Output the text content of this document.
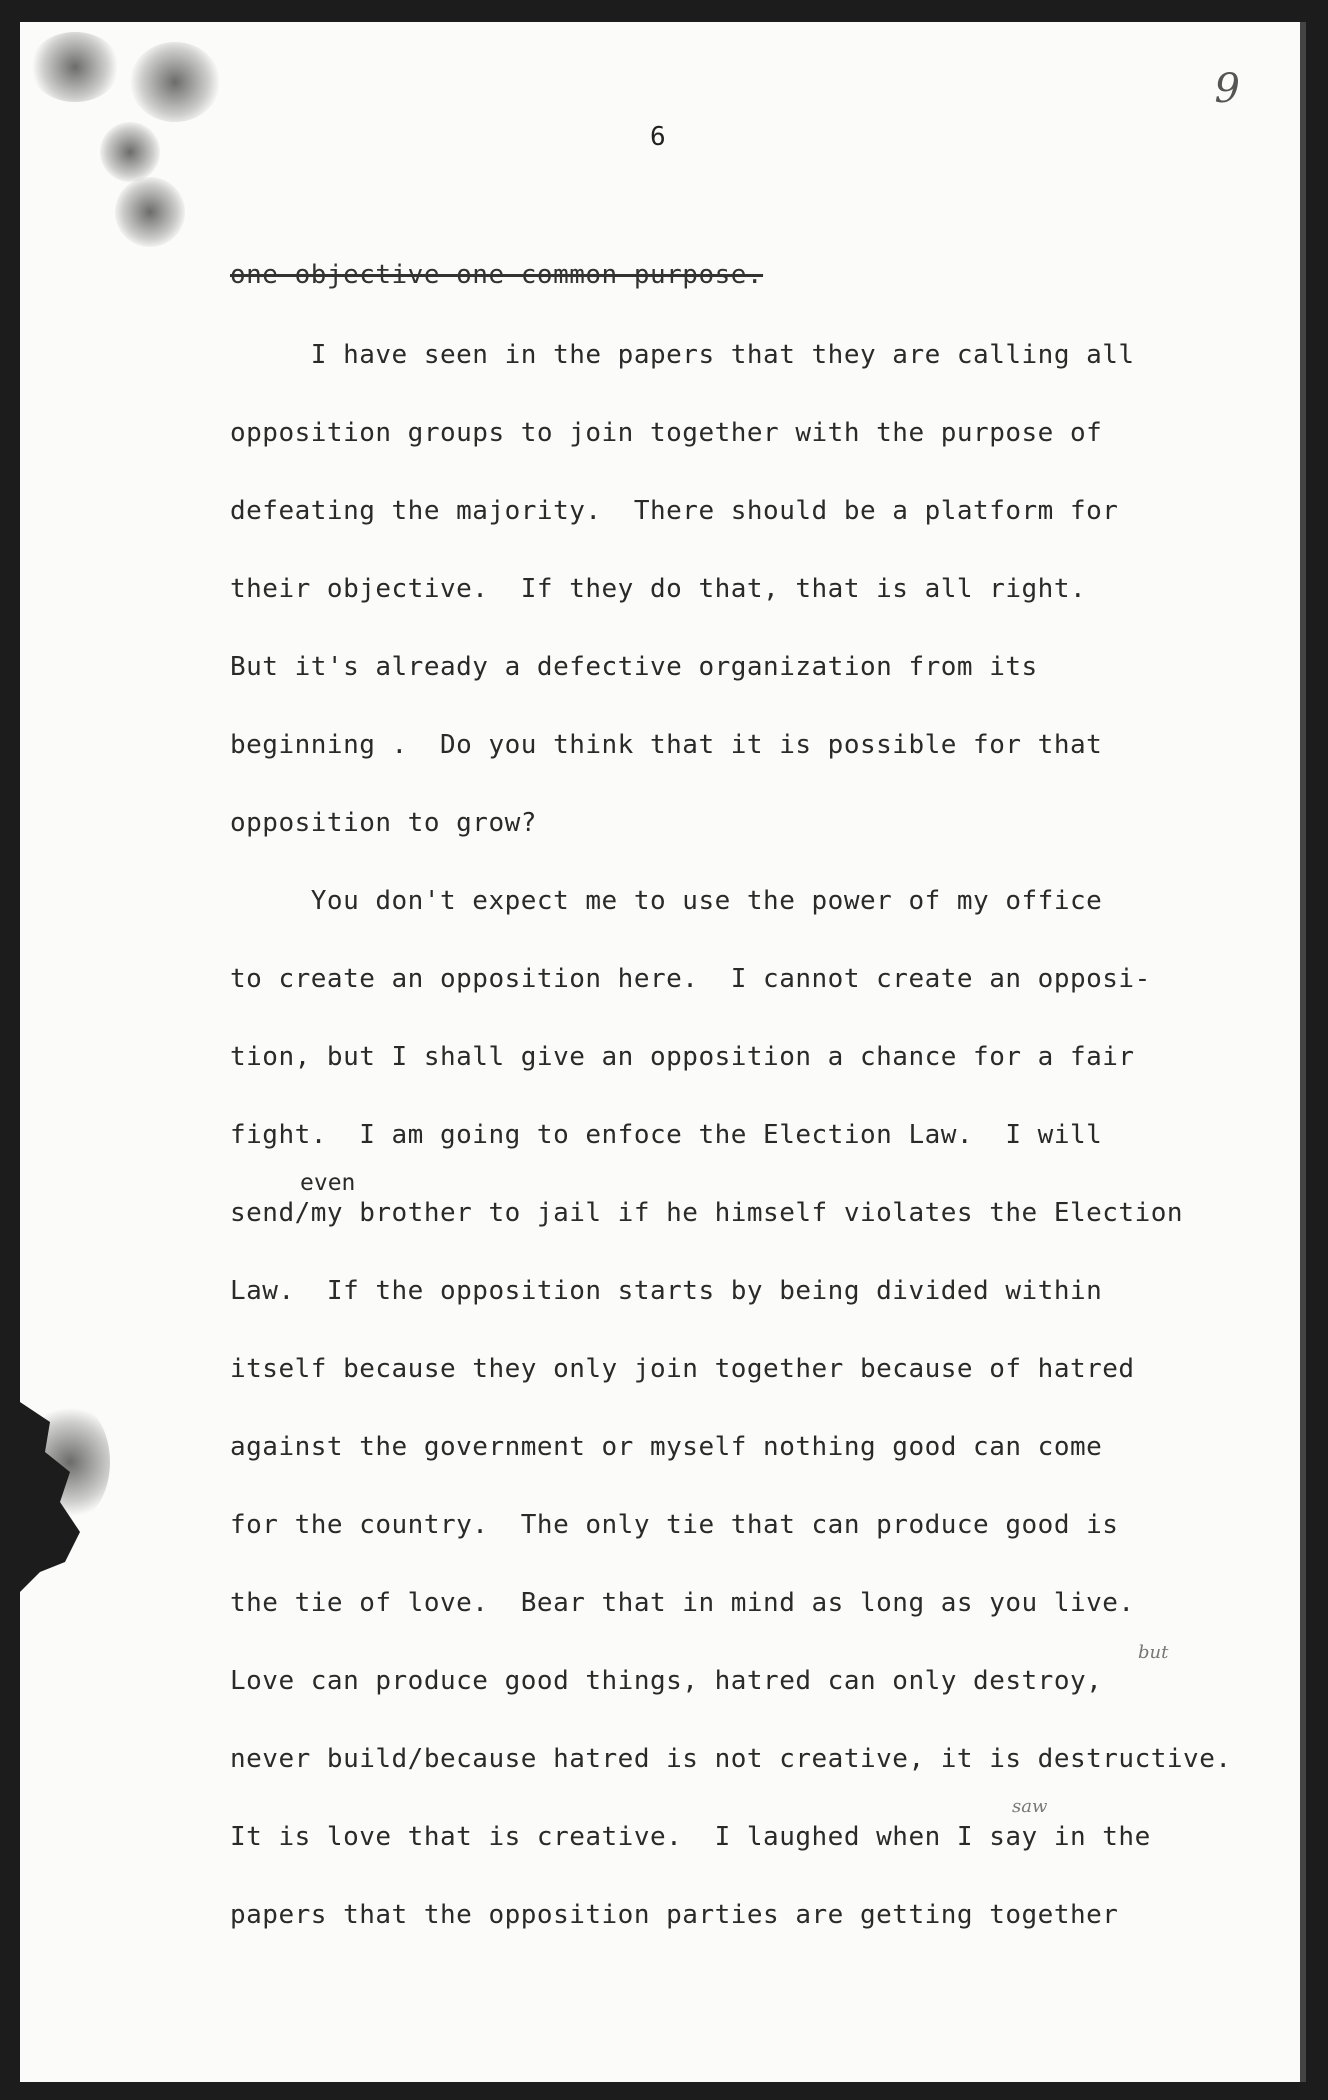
9
6
one objective one common purpose.
I have seen in the papers that they are calling all
opposition groups to join together with the purpose of
defeating the majority.  There should be a platform for
their objective.  If they do that, that is all right.
But it's already a defective organization from its
beginning .  Do you think that it is possible for that
opposition to grow?
You don't expect me to use the power of my office
to create an opposition here.  I cannot create an opposi-
tion, but I shall give an opposition a chance for a fair
fight.  I am going to enfoce the Election Law.  I will
even
send/my brother to jail if he himself violates the Election
Law.  If the opposition starts by being divided within
itself because they only join together because of hatred
against the government or myself nothing good can come
for the country.  The only tie that can produce good is
the tie of love.  Bear that in mind as long as you live.
Love can produce good things, hatred can only destroy,
but
never build/because hatred is not creative, it is destructive.
saw
It is love that is creative.  I laughed when I say in the
papers that the opposition parties are getting together
